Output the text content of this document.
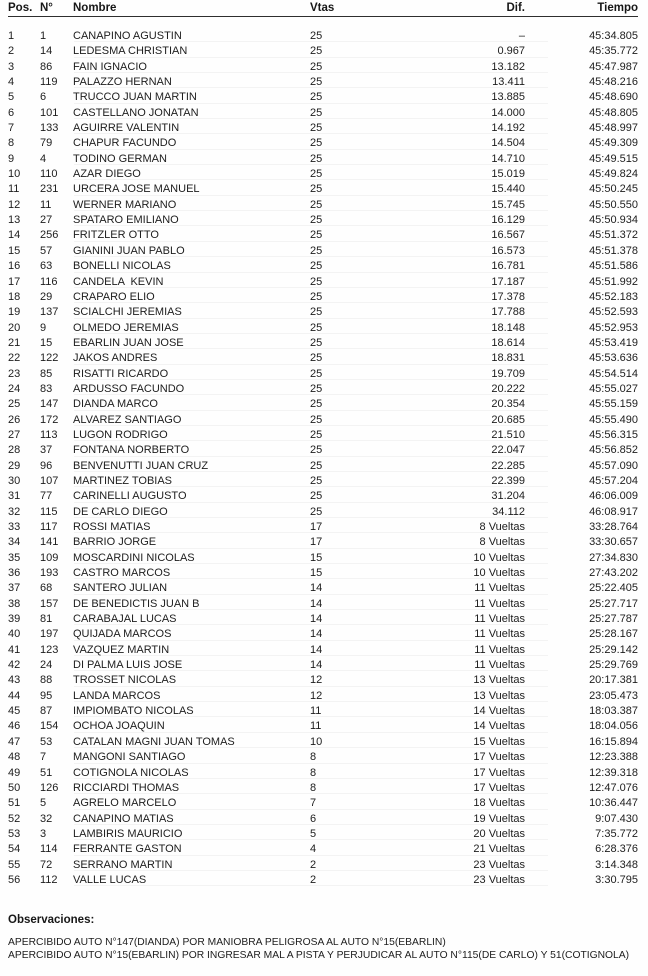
Pos. N°	Nombre	Vtas	Dif.	Tiempo
1	1	CANAPINO AGUSTIN	25	–	45:34.805
2	14	LEDESMA CHRISTIAN	25	0.967	45:35.772
3	86	FAIN IGNACIO	25	13.182	45:47.987
4	119	PALAZZO HERNAN	25	13.411	45:48.216
5	6	TRUCCO JUAN MARTIN	25	13.885	45:48.690
6	101	CASTELLANO JONATAN	25	14.000	45:48.805
7	133	AGUIRRE VALENTIN	25	14.192	45:48.997
8	79	CHAPUR FACUNDO	25	14.504	45:49.309
9	4	TODINO GERMAN	25	14.710	45:49.515
10	110	AZAR DIEGO	25	15.019	45:49.824
11	231	URCERA JOSE MANUEL	25	15.440	45:50.245
12	11	WERNER MARIANO	25	15.745	45:50.550
13	27	SPATARO EMILIANO	25	16.129	45:50.934
14	256	FRITZLER OTTO	25	16.567	45:51.372
15	57	GIANINI JUAN PABLO	25	16.573	45:51.378
16	63	BONELLI NICOLAS	25	16.781	45:51.586
17	116	CANDELA  KEVIN	25	17.187	45:51.992
18	29	CRAPARO ELIO	25	17.378	45:52.183
19	137	SCIALCHI JEREMIAS	25	17.788	45:52.593
20	9	OLMEDO JEREMIAS	25	18.148	45:52.953
21	15	EBARLIN JUAN JOSE	25	18.614	45:53.419
22	122	JAKOS ANDRES	25	18.831	45:53.636
23	85	RISATTI RICARDO	25	19.709	45:54.514
24	83	ARDUSSO FACUNDO	25	20.222	45:55.027
25	147	DIANDA MARCO	25	20.354	45:55.159
26	172	ALVAREZ SANTIAGO	25	20.685	45:55.490
27	113	LUGON RODRIGO	25	21.510	45:56.315
28	37	FONTANA NORBERTO	25	22.047	45:56.852
29	96	BENVENUTTI JUAN CRUZ	25	22.285	45:57.090
30	107	MARTINEZ TOBIAS	25	22.399	45:57.204
31	77	CARINELLI AUGUSTO	25	31.204	46:06.009
32	115	DE CARLO DIEGO	25	34.112	46:08.917
33	117	ROSSI MATIAS	17	8 Vueltas	33:28.764
34	141	BARRIO JORGE	17	8 Vueltas	33:30.657
35	109	MOSCARDINI NICOLAS	15	10 Vueltas	27:34.830
36	193	CASTRO MARCOS	15	10 Vueltas	27:43.202
37	68	SANTERO JULIAN	14	11 Vueltas	25:22.405
38	157	DE BENEDICTIS JUAN B	14	11 Vueltas	25:27.717
39	81	CARABAJAL LUCAS	14	11 Vueltas	25:27.787
40	197	QUIJADA MARCOS	14	11 Vueltas	25:28.167
41	123	VAZQUEZ MARTIN	14	11 Vueltas	25:29.142
42	24	DI PALMA LUIS JOSE	14	11 Vueltas	25:29.769
43	88	TROSSET NICOLAS	12	13 Vueltas	20:17.381
44	95	LANDA MARCOS	12	13 Vueltas	23:05.473
45	87	IMPIOMBATO NICOLAS	11	14 Vueltas	18:03.387
46	154	OCHOA JOAQUIN	11	14 Vueltas	18:04.056
47	53	CATALAN MAGNI JUAN TOMAS	10	15 Vueltas	16:15.894
48	7	MANGONI SANTIAGO	8	17 Vueltas	12:23.388
49	51	COTIGNOLA NICOLAS	8	17 Vueltas	12:39.318
50	126	RICCIARDI THOMAS	8	17 Vueltas	12:47.076
51	5	AGRELO MARCELO	7	18 Vueltas	10:36.447
52	32	CANAPINO MATIAS	6	19 Vueltas	9:07.430
53	3	LAMBIRIS MAURICIO	5	20 Vueltas	7:35.772
54	114	FERRANTE GASTON	4	21 Vueltas	6:28.376
55	72	SERRANO MARTIN	2	23 Vueltas	3:14.348
56	112	VALLE LUCAS	2	23 Vueltas	3:30.795
Observaciones:
APERCIBIDO AUTO N°147(DIANDA) POR MANIOBRA PELIGROSA AL AUTO N°15(EBARLIN)
APERCIBIDO AUTO N°15(EBARLIN) POR INGRESAR MAL A PISTA Y PERJUDICAR AL AUTO N°115(DE CARLO) Y 51(COTIGNOLA)
